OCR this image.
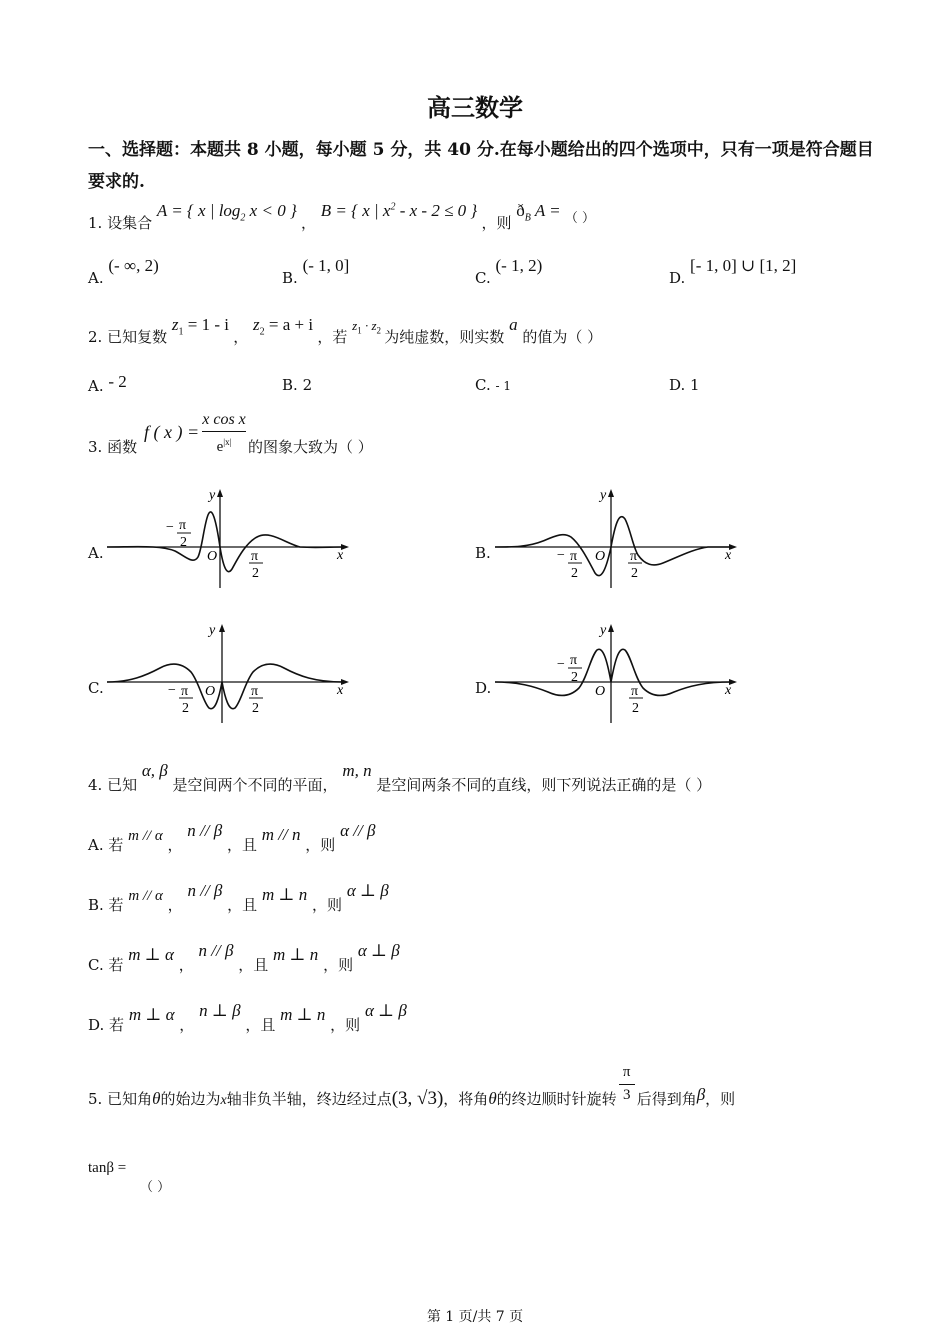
高三数学
一、选择题：本题共 8 小题，每小题 5 分，共 40 分.在每小题给出的四个选项中，只有一项是符合题目要求的.
1. 设集合 A = { x | $\log_2 x < 0$ } ， B = { x | $x^2 - x - 2 \le 0$ } ，则 $ð_B$ A = （ ）
A. (- ∞, 2)
B. (- 1, 0]
C. (- 1, 2)
D. [- 1, 0] ∪ [1, 2]
2. 已知复数 $z_1 = 1 - i$ ， $z_2 = a + i$ ，若 $z_1 \cdot z_2$ 为纯虚数，则实数 a 的值为（ ）
A. - 2	B. 2	C. - 1	D. 1
3. 函数
f ( x ) =
x cos x
$e^{|x|}$	的图象大致为（ ）
A.	B.
C.	D.
− π
2
O π
2
x
y
− π
2
O π
2
x
y
− π
2
O	π
2
x
y
− π
2
O π
2
x
y
4. 已知 α, β 是空间两个不同的平面， m, n 是空间两条不同的直线，则下列说法正确的是（ ）
A. 若 m // α ， n // β ，且 m // n ，则 α // β
B. 若 m // α ， n // β ，且 m ⊥ n ，则 α ⊥ β
C. 若 m ⊥ α ， n // β ，且 m ⊥ n ，则 α ⊥ β
D. 若 m ⊥ α ， n ⊥ β ，且 m ⊥ n ，则 α ⊥ β
5. 已知角θ的始边为x轴非负半轴，终边经过点(3, √3)，将角θ的终边顺时针旋转 $\frac{\pi}{3}$ 后得到角β，则
tanβ =
（ ）
第 1 页/共 7 页
